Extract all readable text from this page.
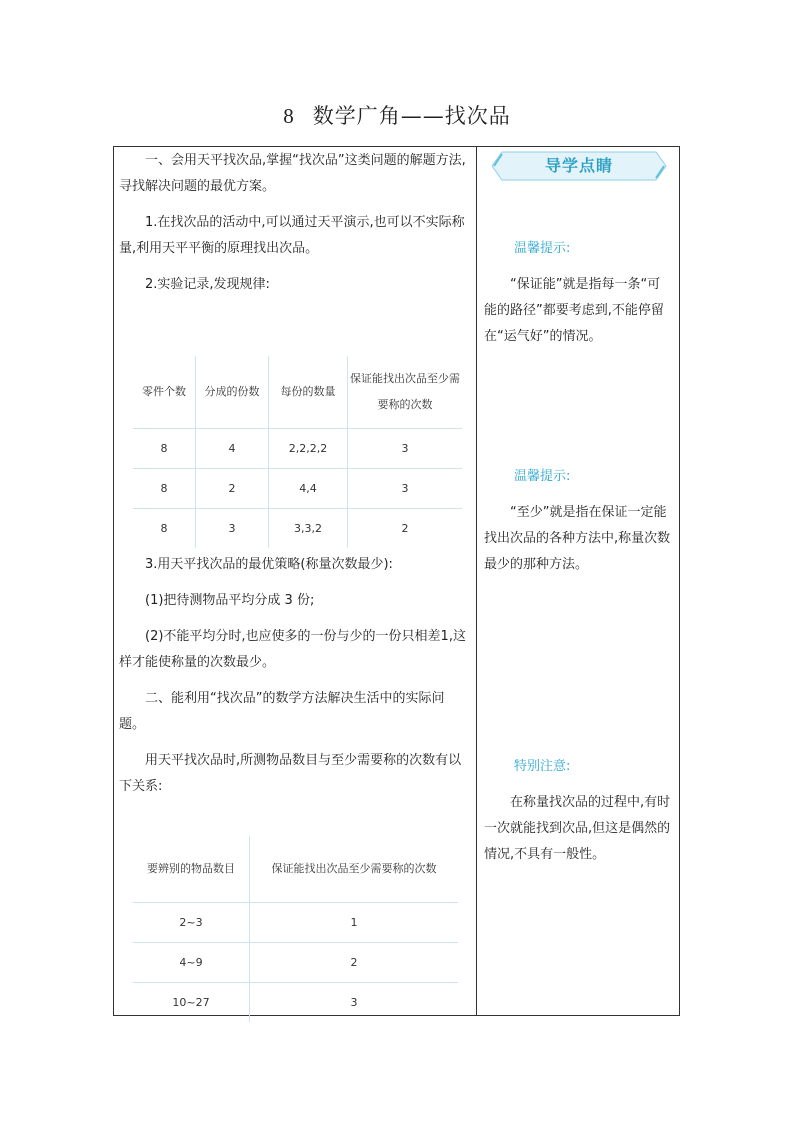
8 数学广角——找次品

一、会用天平找次品,掌握“找次品”这类问题的解题方法,寻找解决问题的最优方案。

1.在找次品的活动中,可以通过天平演示,也可以不实际称量,利用天平平衡的原理找出次品。

2.实验记录,发现规律:

零件个数	分成的份数	每份的数量	保证能找出次品至少需要称的次数
8	4	2,2,2,2	3
8	2	4,4	3
8	3	3,3,2	2

3.用天平找次品的最优策略(称量次数最少):

(1)把待测物品平均分成 3 份;

(2)不能平均分时,也应使多的一份与少的一份只相差1,这样才能使称量的次数最少。

二、能利用“找次品”的数学方法解决生活中的实际问题。

用天平找次品时,所测物品数目与至少需要称的次数有以下关系:

要辨别的物品数目	保证能找出次品至少需要称的次数
2~3	1
4~9	2
10~27	3
导学点睛
温馨提示:

“保证能”就是指每一条“可能的路径”都要考虑到,不能停留在“运气好”的情况。

温馨提示:

“至少”就是指在保证一定能找出次品的各种方法中,称量次数最少的那种方法。

特别注意:

在称量找次品的过程中,有时一次就能找到次品,但这是偶然的情况,不具有一般性。
